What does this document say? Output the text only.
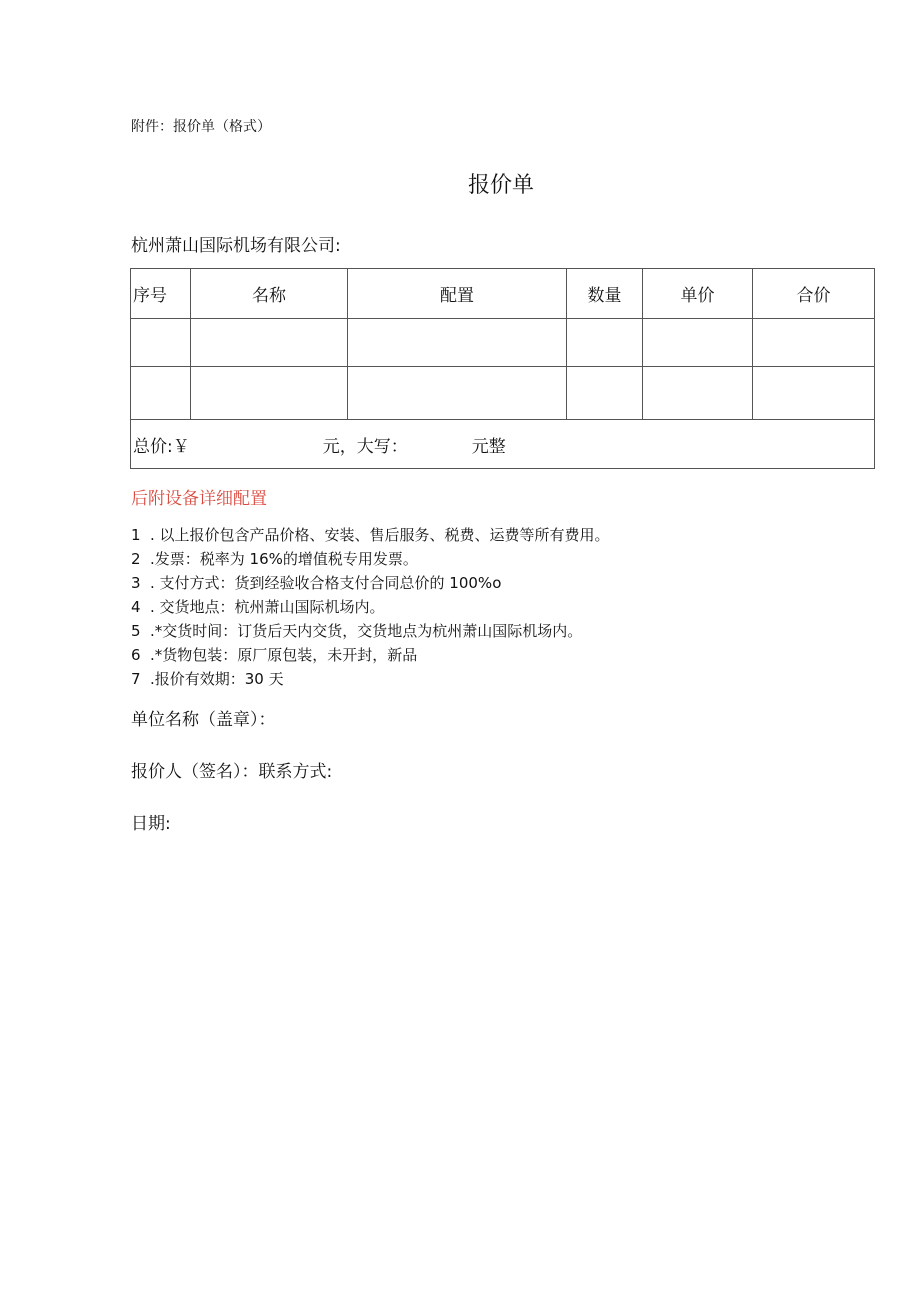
附件：报价单（格式）
报价单
杭州萧山国际机场有限公司:
序号	名称	配置	数量	单价	合价

总价:￥ 元，大写： 元整					
后附设备详细配置
1 . 以上报价包含产品价格、安装、售后服务、税费、运费等所有费用。
2 .发票：税率为 16%的增值税专用发票。
3 . 支付方式：货到经验收合格支付合同总价的 100%o
4 . 交货地点：杭州萧山国际机场内。
5 .*交货时间：订货后天内交货，交货地点为杭州萧山国际机场内。
6 .*货物包装：原厂原包装，未开封，新品
7 .报价有效期：30 天
单位名称（盖章）：
报价人（签名）：联系方式:
日期:
